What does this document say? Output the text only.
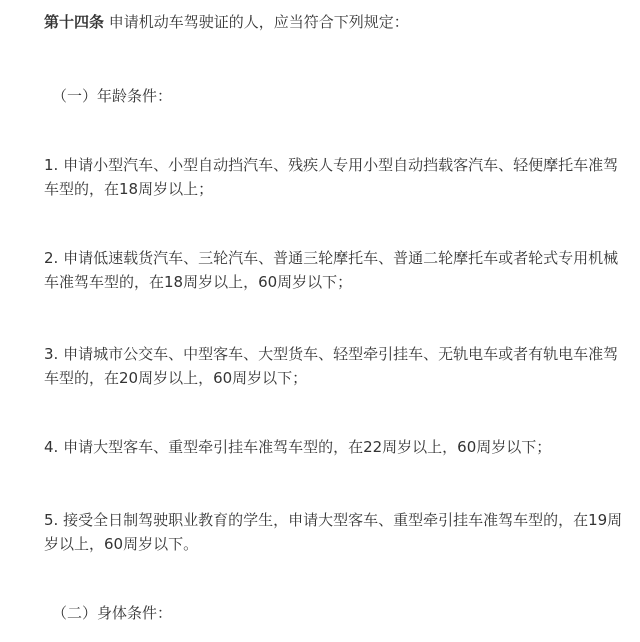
第十四条 申请机动车驾驶证的人，应当符合下列规定：
（一）年龄条件：
1. 申请小型汽车、小型自动挡汽车、残疾人专用小型自动挡载客汽车、轻便摩托车准驾
车型的，在18周岁以上；
2. 申请低速载货汽车、三轮汽车、普通三轮摩托车、普通二轮摩托车或者轮式专用机械
车准驾车型的，在18周岁以上，60周岁以下；
3. 申请城市公交车、中型客车、大型货车、轻型牵引挂车、无轨电车或者有轨电车准驾
车型的，在20周岁以上，60周岁以下；
4. 申请大型客车、重型牵引挂车准驾车型的，在22周岁以上，60周岁以下；
5. 接受全日制驾驶职业教育的学生，申请大型客车、重型牵引挂车准驾车型的，在19周
岁以上，60周岁以下。
（二）身体条件：
